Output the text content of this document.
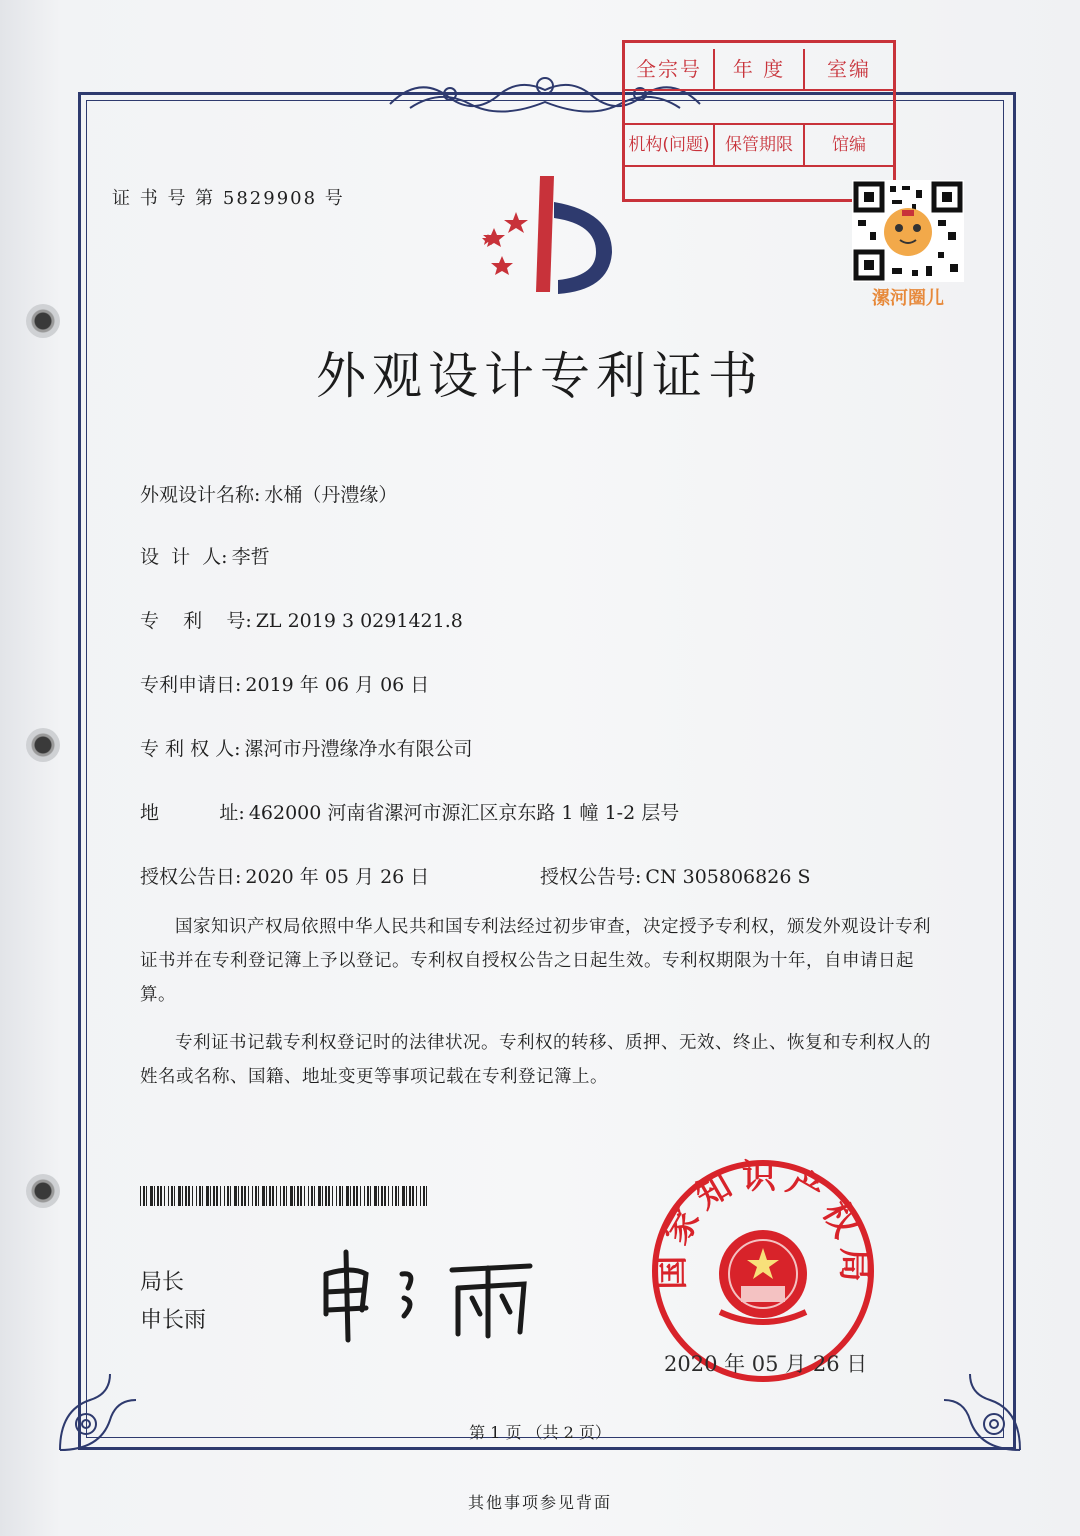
全宗号	年 度	室编
机构(问题) 保管期限	馆编
证 书 号 第 5829908 号
漯河圈儿
外观设计专利证书
外观设计名称: 水桶（丹澧缘）
设  计  人: 李哲
专    利    号: ZL 2019 3 0291421.8
专利申请日: 2019 年 06 月 06 日
专 利 权 人: 漯河市丹澧缘净水有限公司
地          址: 462000 河南省漯河市源汇区京东路 1 幢 1-2 层号
授权公告日: 2020 年 05 月 26 日	授权公告号: CN 305806826 S

国家知识产权局依照中华人民共和国专利法经过初步审查，决定授予专利权，颁发外观设计专利证书并在专利登记簿上予以登记。专利权自授权公告之日起生效。专利权期限为十年，自申请日起算。

专利证书记载专利权登记时的法律状况。专利权的转移、质押、无效、终止、恢复和专利权人的姓名或名称、国籍、地址变更等事项记载在专利登记簿上。

局长
申长雨
国家知识产权局
2020 年 05 月 26 日
第 1 页 （共 2 页）
其他事项参见背面
